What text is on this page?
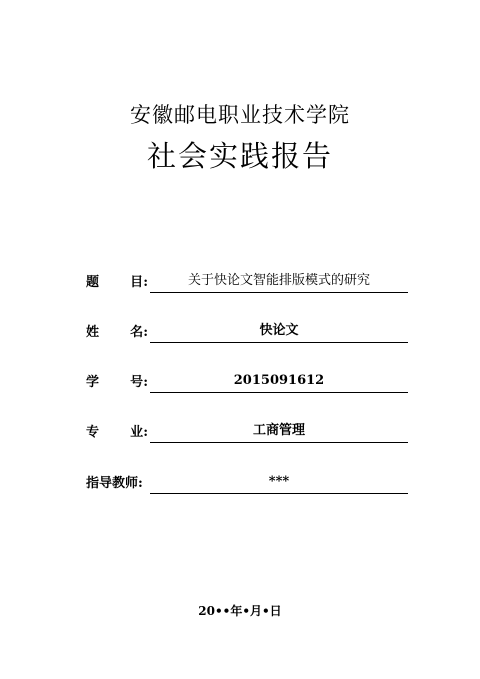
安徽邮电职业技术学院
社会实践报告
题 目:	关于快论文智能排版模式的研究
姓 名:	快论文
学 号:	2015091612
专 业:	工商管理
指导教师:	***
20••年•月•日
